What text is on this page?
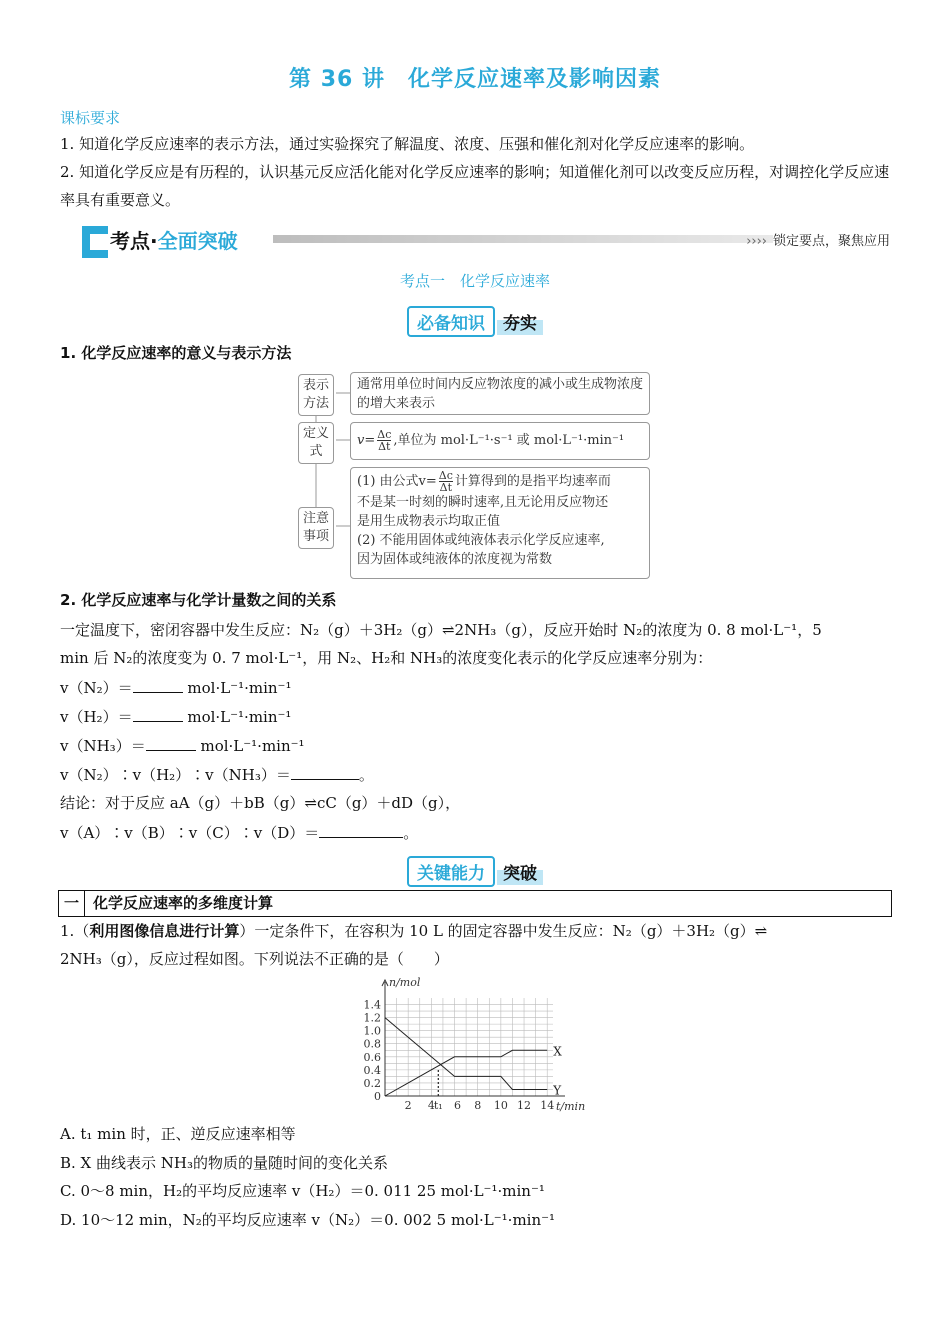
第 36 讲　化学反应速率及影响因素
课标要求
1. 知道化学反应速率的表示方法，通过实验探究了解温度、浓度、压强和催化剂对化学反应速率的影响。
2. 知道化学反应是有历程的，认识基元反应活化能对化学反应速率的影响；知道催化剂可以改变反应历程，对调控化学反应速率具有重要意义。
考点·全面突破	›››› 锁定要点，聚焦应用
考点一　化学反应速率
必备知识	夯实
1. 化学反应速率的意义与表示方法
表示方法
通常用单位时间内反应物浓度的减小或生成物浓度的增大来表示
定义式
$v= \frac{\Delta c}{\Delta t}$ ,单位为 mol·L⁻¹·s⁻¹ 或 mol·L⁻¹·min⁻¹
注意事项
(1) 由公式$v= \frac{\Delta c}{\Delta t}$ 计算得到的是指平均速率而
不是某一时刻的瞬时速率,且无论用反应物还
是用生成物表示均取正值
(2) 不能用固体或纯液体表示化学反应速率,
因为固体或纯液体的浓度视为常数
2. 化学反应速率与化学计量数之间的关系
一定温度下，密闭容器中发生反应：N₂（g）＋3H₂（g）⇌2NH₃（g），反应开始时 N₂的浓度为 0. 8 mol·L⁻¹，5
min 后 N₂的浓度变为 0. 7 mol·L⁻¹，用 N₂、H₂和 NH₃的浓度变化表示的化学反应速率分别为：
v（N₂）＝	mol·L⁻¹·min⁻¹
v（H₂）＝	mol·L⁻¹·min⁻¹
v（NH₃）＝	mol·L⁻¹·min⁻¹
v（N₂）∶v（H₂）∶v（NH₃）＝	。
结论：对于反应 aA（g）＋bB（g）⇌cC（g）＋dD（g），
v（A）∶v（B）∶v（C）∶v（D）＝	。
关键能力	突破
一 化学反应速率的多维度计算
1.（利用图像信息进行计算）一定条件下，在容积为 10 L 的固定容器中发生反应：N₂（g）＋3H₂（g）⇌
2NH₃（g），反应过程如图。下列说法不正确的是（　　）
0
0.2
0.4
0.6
0.8
1.0
1.2
1.4
2 4 t₁ 6 8 10 12 14
n/mol
t/min
X
Y
A. t₁ min 时，正、逆反应速率相等
B. X 曲线表示 NH₃的物质的量随时间的变化关系
C. 0～8 min，H₂的平均反应速率 v（H₂）＝0. 011 25 mol·L⁻¹·min⁻¹
D. 10～12 min，N₂的平均反应速率 v（N₂）＝0. 002 5 mol·L⁻¹·min⁻¹
